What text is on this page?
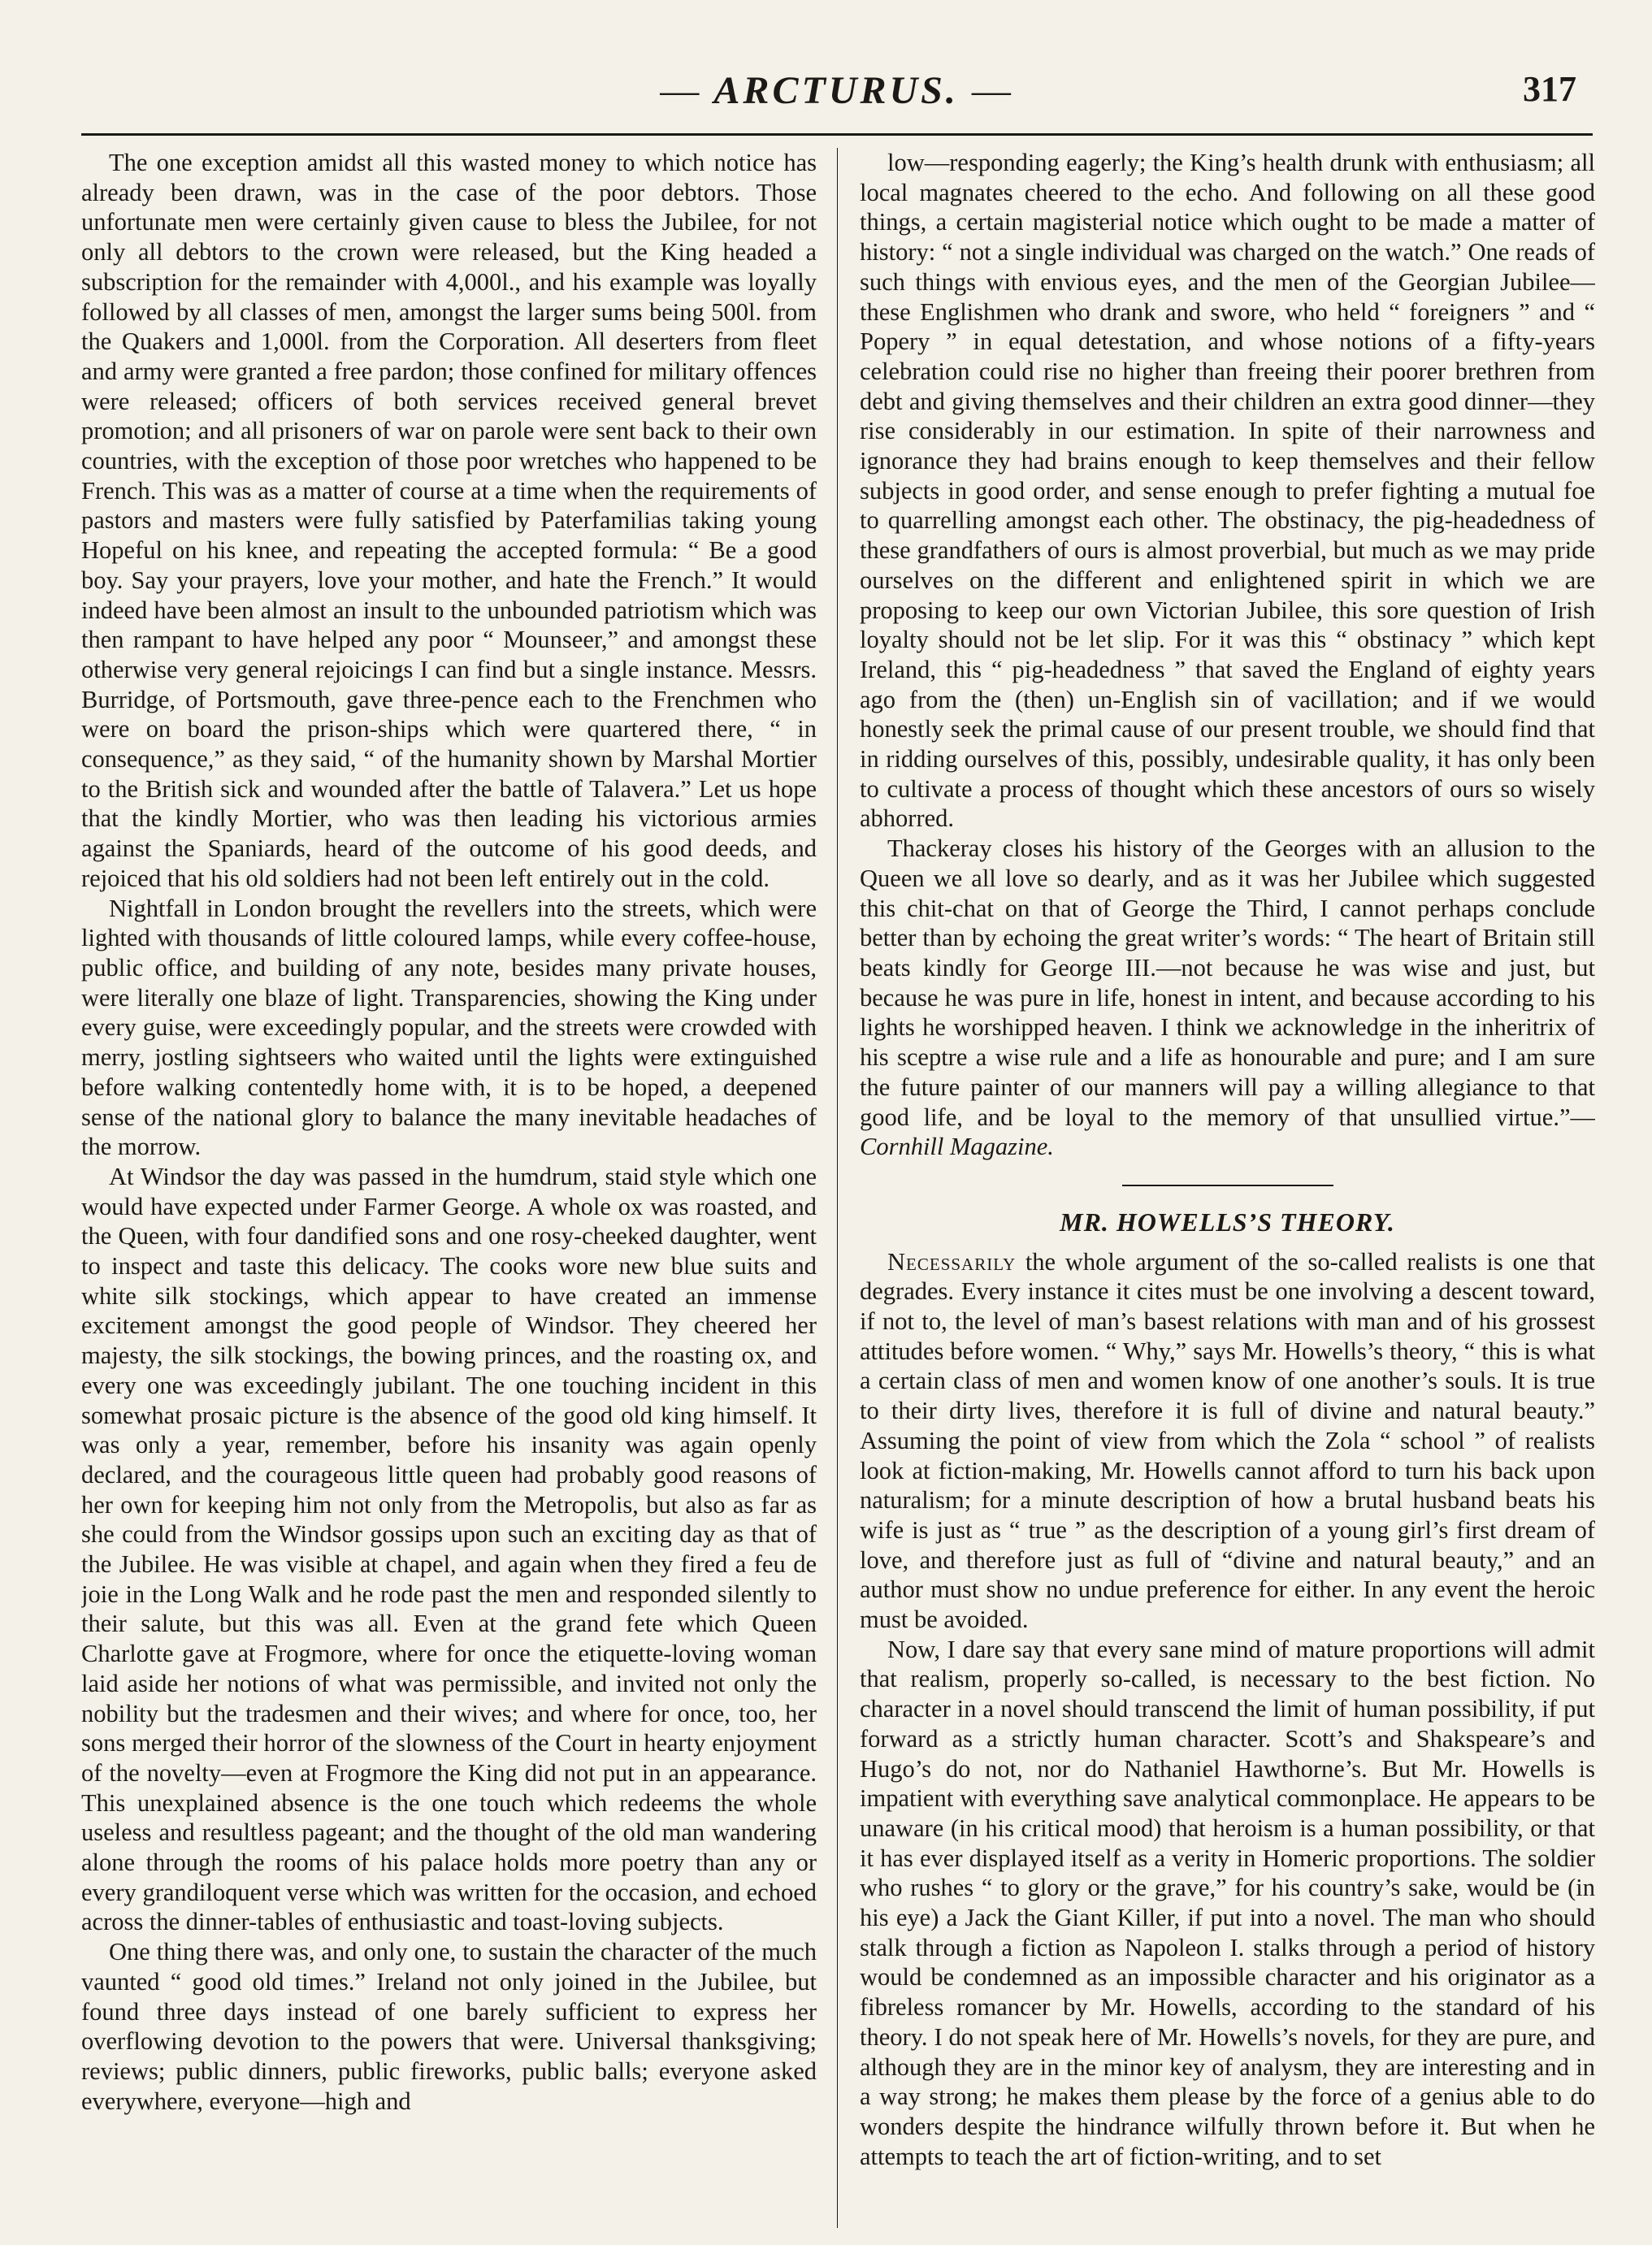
— ARCTURUS. —	317

The one exception amidst all this wasted money to which notice has already been drawn, was in the case of the poor debtors. Those unfortunate men were certainly given cause to bless the Jubilee, for not only all debtors to the crown were released, but the King headed a subscription for the remainder with 4,000l., and his example was loyally followed by all classes of men, amongst the larger sums being 500l. from the Quakers and 1,000l. from the Corporation. All deserters from fleet and army were granted a free pardon; those confined for military offences were released; officers of both services received general brevet promotion; and all prisoners of war on parole were sent back to their own countries, with the exception of those poor wretches who happened to be French. This was as a matter of course at a time when the requirements of pastors and masters were fully satisfied by Paterfamilias taking young Hopeful on his knee, and repeating the accepted formula: “ Be a good boy. Say your prayers, love your mother, and hate the French.” It would indeed have been almost an insult to the unbounded patriotism which was then rampant to have helped any poor “ Mounseer,” and amongst these otherwise very general rejoicings I can find but a single instance. Messrs. Burridge, of Portsmouth, gave three-pence each to the Frenchmen who were on board the prison-ships which were quartered there, “ in consequence,” as they said, “ of the humanity shown by Marshal Mortier to the British sick and wounded after the battle of Talavera.” Let us hope that the kindly Mortier, who was then leading his victorious armies against the Spaniards, heard of the outcome of his good deeds, and rejoiced that his old soldiers had not been left entirely out in the cold.

Nightfall in London brought the revellers into the streets, which were lighted with thousands of little coloured lamps, while every coffee-house, public office, and building of any note, besides many private houses, were literally one blaze of light. Transparencies, showing the King under every guise, were exceedingly popular, and the streets were crowded with merry, jostling sightseers who waited until the lights were extinguished before walking contentedly home with, it is to be hoped, a deepened sense of the national glory to balance the many inevitable headaches of the morrow.

At Windsor the day was passed in the humdrum, staid style which one would have expected under Farmer George. A whole ox was roasted, and the Queen, with four dandified sons and one rosy-cheeked daughter, went to inspect and taste this delicacy. The cooks wore new blue suits and white silk stockings, which appear to have created an immense excitement amongst the good people of Windsor. They cheered her majesty, the silk stockings, the bowing princes, and the roasting ox, and every one was exceedingly jubilant. The one touching incident in this somewhat prosaic picture is the absence of the good old king himself. It was only a year, remember, before his insanity was again openly declared, and the courageous little queen had probably good reasons of her own for keeping him not only from the Metropolis, but also as far as she could from the Windsor gossips upon such an exciting day as that of the Jubilee. He was visible at chapel, and again when they fired a feu de joie in the Long Walk and he rode past the men and responded silently to their salute, but this was all. Even at the grand fete which Queen Charlotte gave at Frogmore, where for once the etiquette-loving woman laid aside her notions of what was permissible, and invited not only the nobility but the tradesmen and their wives; and where for once, too, her sons merged their horror of the slowness of the Court in hearty enjoyment of the novelty—even at Frogmore the King did not put in an appearance. This unexplained absence is the one touch which redeems the whole useless and resultless pageant; and the thought of the old man wandering alone through the rooms of his palace holds more poetry than any or every grandiloquent verse which was written for the occasion, and echoed across the dinner-tables of enthusiastic and toast-loving subjects.

One thing there was, and only one, to sustain the character of the much vaunted “ good old times.” Ireland not only joined in the Jubilee, but found three days instead of one barely sufficient to express her overflowing devotion to the powers that were. Universal thanksgiving; reviews; public dinners, public fireworks, public balls; everyone asked everywhere, everyone—high and

low—responding eagerly; the King’s health drunk with enthusiasm; all local magnates cheered to the echo. And following on all these good things, a certain magisterial notice which ought to be made a matter of history: “ not a single individual was charged on the watch.” One reads of such things with envious eyes, and the men of the Georgian Jubilee—these Englishmen who drank and swore, who held “ foreigners ” and “ Popery ” in equal detestation, and whose notions of a fifty-years celebration could rise no higher than freeing their poorer brethren from debt and giving themselves and their children an extra good dinner—they rise considerably in our estimation. In spite of their narrowness and ignorance they had brains enough to keep themselves and their fellow subjects in good order, and sense enough to prefer fighting a mutual foe to quarrelling amongst each other. The obstinacy, the pig-headedness of these grandfathers of ours is almost proverbial, but much as we may pride ourselves on the different and enlightened spirit in which we are proposing to keep our own Victorian Jubilee, this sore question of Irish loyalty should not be let slip. For it was this “ obstinacy ” which kept Ireland, this “ pig-headedness ” that saved the England of eighty years ago from the (then) un-English sin of vacillation; and if we would honestly seek the primal cause of our present trouble, we should find that in ridding ourselves of this, possibly, undesirable quality, it has only been to cultivate a process of thought which these ancestors of ours so wisely abhorred.

Thackeray closes his history of the Georges with an allusion to the Queen we all love so dearly, and as it was her Jubilee which suggested this chit-chat on that of George the Third, I cannot perhaps conclude better than by echoing the great writer’s words: “ The heart of Britain still beats kindly for George III.—not because he was wise and just, but because he was pure in life, honest in intent, and because according to his lights he worshipped heaven. I think we acknowledge in the inheritrix of his sceptre a wise rule and a life as honourable and pure; and I am sure the future painter of our manners will pay a willing allegiance to that good life, and be loyal to the memory of that unsullied virtue.”— Cornhill Magazine.

MR. HOWELLS’S THEORY.

Necessarily the whole argument of the so-called realists is one that degrades. Every instance it cites must be one involving a descent toward, if not to, the level of man’s basest relations with man and of his grossest attitudes before women. “ Why,” says Mr. Howells’s theory, “ this is what a certain class of men and women know of one another’s souls. It is true to their dirty lives, therefore it is full of divine and natural beauty.” Assuming the point of view from which the Zola “ school ” of realists look at fiction-making, Mr. Howells cannot afford to turn his back upon naturalism; for a minute description of how a brutal husband beats his wife is just as “ true ” as the description of a young girl’s first dream of love, and therefore just as full of “divine and natural beauty,” and an author must show no undue preference for either. In any event the heroic must be avoided.

Now, I dare say that every sane mind of mature proportions will admit that realism, properly so-called, is necessary to the best fiction. No character in a novel should transcend the limit of human possibility, if put forward as a strictly human character. Scott’s and Shakspeare’s and Hugo’s do not, nor do Nathaniel Hawthorne’s. But Mr. Howells is impatient with everything save analytical commonplace. He appears to be unaware (in his critical mood) that heroism is a human possibility, or that it has ever displayed itself as a verity in Homeric proportions. The soldier who rushes “ to glory or the grave,” for his country’s sake, would be (in his eye) a Jack the Giant Killer, if put into a novel. The man who should stalk through a fiction as Napoleon I. stalks through a period of history would be condemned as an impossible character and his originator as a fibreless romancer by Mr. Howells, according to the standard of his theory. I do not speak here of Mr. Howells’s novels, for they are pure, and although they are in the minor key of analysm, they are interesting and in a way strong; he makes them please by the force of a genius able to do wonders despite the hindrance wilfully thrown before it. But when he attempts to teach the art of fiction-writing, and to set
